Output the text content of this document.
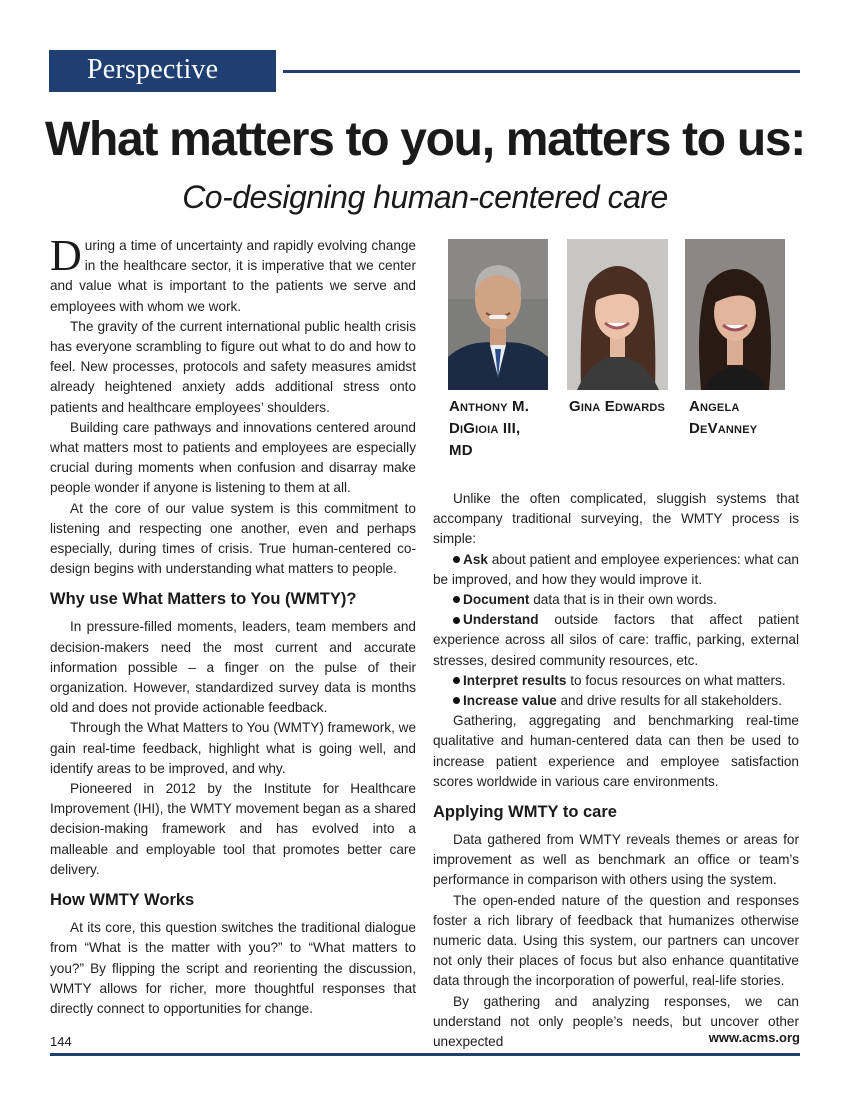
Perspective
What matters to you, matters to us:
Co-designing human-centered care

During a time of uncertainty and rapidly evolving change in the healthcare sector, it is imperative that we center and value what is important to the patients we serve and employees with whom we work.

The gravity of the current international public health crisis has everyone scrambling to figure out what to do and how to feel. New processes, protocols and safety measures amidst already heightened anxiety adds additional stress onto patients and healthcare employees’ shoulders.

Building care pathways and innovations centered around what matters most to patients and employees are especially crucial during moments when confusion and disarray make people wonder if anyone is listening to them at all.

At the core of our value system is this commitment to listening and respecting one another, even and perhaps especially, during times of crisis. True human-centered co-design begins with understanding what matters to people.

Why use What Matters to You (WMTY)?

In pressure-filled moments, leaders, team members and decision-makers need the most current and accurate information possible – a finger on the pulse of their organization. However, standardized survey data is months old and does not provide actionable feedback.

Through the What Matters to You (WMTY) framework, we gain real-time feedback, highlight what is going well, and identify areas to be improved, and why.

Pioneered in 2012 by the Institute for Healthcare Improvement (IHI), the WMTY movement began as a shared decision-making framework and has evolved into a malleable and employable tool that promotes better care delivery.

How WMTY Works

At its core, this question switches the traditional dialogue from “What is the matter with you?” to “What matters to you?” By flipping the script and reorienting the discussion, WMTY allows for richer, more thoughtful responses that directly connect to opportunities for change.

Anthony M.
DiGioia III,
MD
Gina Edwards	Angela
DeVanney

Unlike the often complicated, sluggish systems that accompany traditional surveying, the WMTY process is simple:

Ask about patient and employee experiences: what can be improved, and how they would improve it.

Document data that is in their own words.

Understand outside factors that affect patient experience across all silos of care: traffic, parking, external stresses, desired community resources, etc.

Interpret results to focus resources on what matters.

Increase value and drive results for all stakeholders.

Gathering, aggregating and benchmarking real-time qualitative and human-centered data can then be used to increase patient experience and employee satisfaction scores worldwide in various care environments.

Applying WMTY to care

Data gathered from WMTY reveals themes or areas for improvement as well as benchmark an office or team’s performance in comparison with others using the system.

The open-ended nature of the question and responses foster a rich library of feedback that humanizes otherwise numeric data. Using this system, our partners can uncover not only their places of focus but also enhance quantitative data through the incorporation of powerful, real-life stories.

By gathering and analyzing responses, we can understand not only people’s needs, but uncover other unexpected

144	www.acms.org
